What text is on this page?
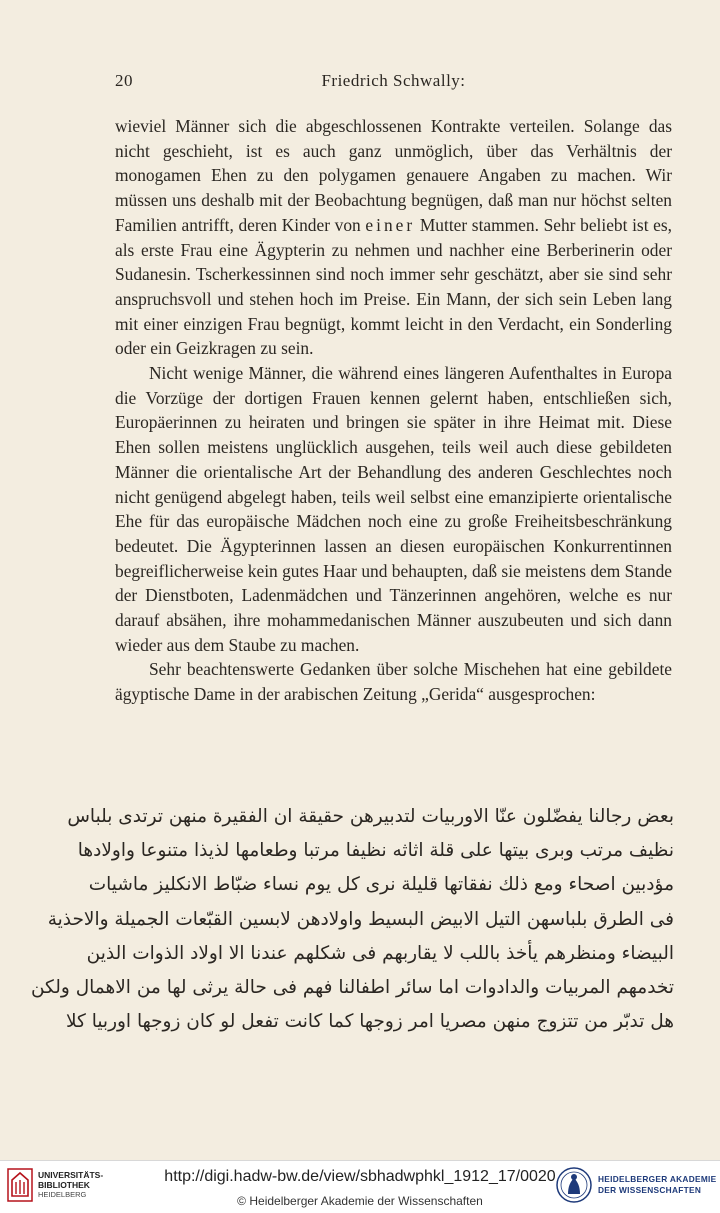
20	Friedrich Schwally:

wieviel Männer sich die abgeschlossenen Kontrakte verteilen. Solange das nicht geschieht, ist es auch ganz unmöglich, über das Verhältnis der monogamen Ehen zu den polygamen genauere Angaben zu machen. Wir müssen uns deshalb mit der Beobachtung begnügen, daß man nur höchst selten Familien antrifft, deren Kinder von einer Mutter stammen. Sehr beliebt ist es, als erste Frau eine Ägypterin zu nehmen und nachher eine Berberinerin oder Sudanesin. Tscherkessinnen sind noch immer sehr geschätzt, aber sie sind sehr anspruchsvoll und stehen hoch im Preise. Ein Mann, der sich sein Leben lang mit einer einzigen Frau begnügt, kommt leicht in den Verdacht, ein Sonderling oder ein Geizkragen zu sein.

Nicht wenige Männer, die während eines längeren Aufenthaltes in Europa die Vorzüge der dortigen Frauen kennen gelernt haben, entschließen sich, Europäerinnen zu heiraten und bringen sie später in ihre Heimat mit. Diese Ehen sollen meistens unglücklich ausgehen, teils weil auch diese gebildeten Männer die orientalische Art der Behandlung des anderen Geschlechtes noch nicht genügend abgelegt haben, teils weil selbst eine emanzipierte orientalische Ehe für das europäische Mädchen noch eine zu große Freiheitsbeschränkung bedeutet. Die Ägypterinnen lassen an diesen europäischen Konkurrentinnen begreiflicherweise kein gutes Haar und behaupten, daß sie meistens dem Stande der Dienstboten, Ladenmädchen und Tänzerinnen angehören, welche es nur darauf absähen, ihre mohammedanischen Männer auszubeuten und sich dann wieder aus dem Staube zu machen.

Sehr beachtenswerte Gedanken über solche Mischehen hat eine gebildete ägyptische Dame in der arabischen Zeitung „Gerida“ ausgesprochen:

بعض رجالنا يفضّلون عنّا الاوربيات لتدبيرهن حقيقة ان الفقيرة منهن ترتدى بلباس
نظيف مرتب وبرى بيتها على قلة اثاثه نظيفا مرتبا وطعامها لذيذا متنوعا واولادها
مؤدبين اصحاء ومع ذلك نفقاتها قليلة نرى كل يوم نساء ضبّاط الانكليز ماشيات
فى الطرق بلباسهن التيل الابيض البسيط واولادهن لابسين القبّعات الجميلة والاحذية
البيضاء ومنظرهم يأخذ باللب لا يقاربهم فى شكلهم عندنا الا اولاد الذوات الذين
تخدمهم المربيات والدادوات اما سائر اطفالنا فهم فى حالة يرثى لها من الاهمال ولكن
هل تدبّر من تتزوج منهن مصريا امر زوجها كما كانت تفعل لو كان زوجها اوربيا كلا
UNIVERSITÄTS-
BIBLIOTHEK
HEIDELBERG
http://digi.hadw-bw.de/view/sbhadwphkl_1912_17/0020
© Heidelberger Akademie der Wissenschaften
HEIDELBERGER AKADEMIE
DER WISSENSCHAFTEN
